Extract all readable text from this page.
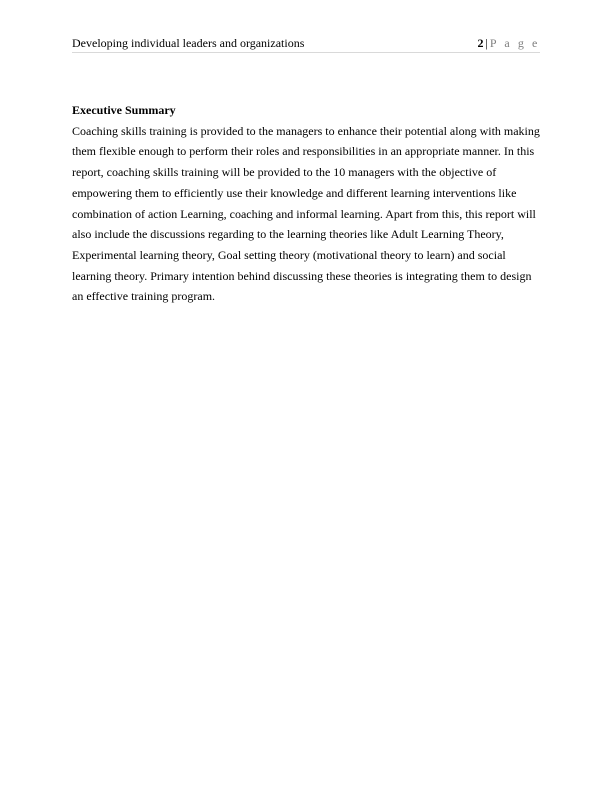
Developing individual leaders and organizations	2 | P a g e

Executive Summary

Coaching skills training is provided to the managers to enhance their potential along with making
them flexible enough to perform their roles and responsibilities in an appropriate manner. In this
report, coaching skills training will be provided to the 10 managers with the objective of
empowering them to efficiently use their knowledge and different learning interventions like
combination of action Learning, coaching and informal learning. Apart from this, this report will
also include the discussions regarding to the learning theories like Adult Learning Theory,
Experimental learning theory, Goal setting theory (motivational theory to learn) and social
learning theory. Primary intention behind discussing these theories is integrating them to design
an effective training program.
